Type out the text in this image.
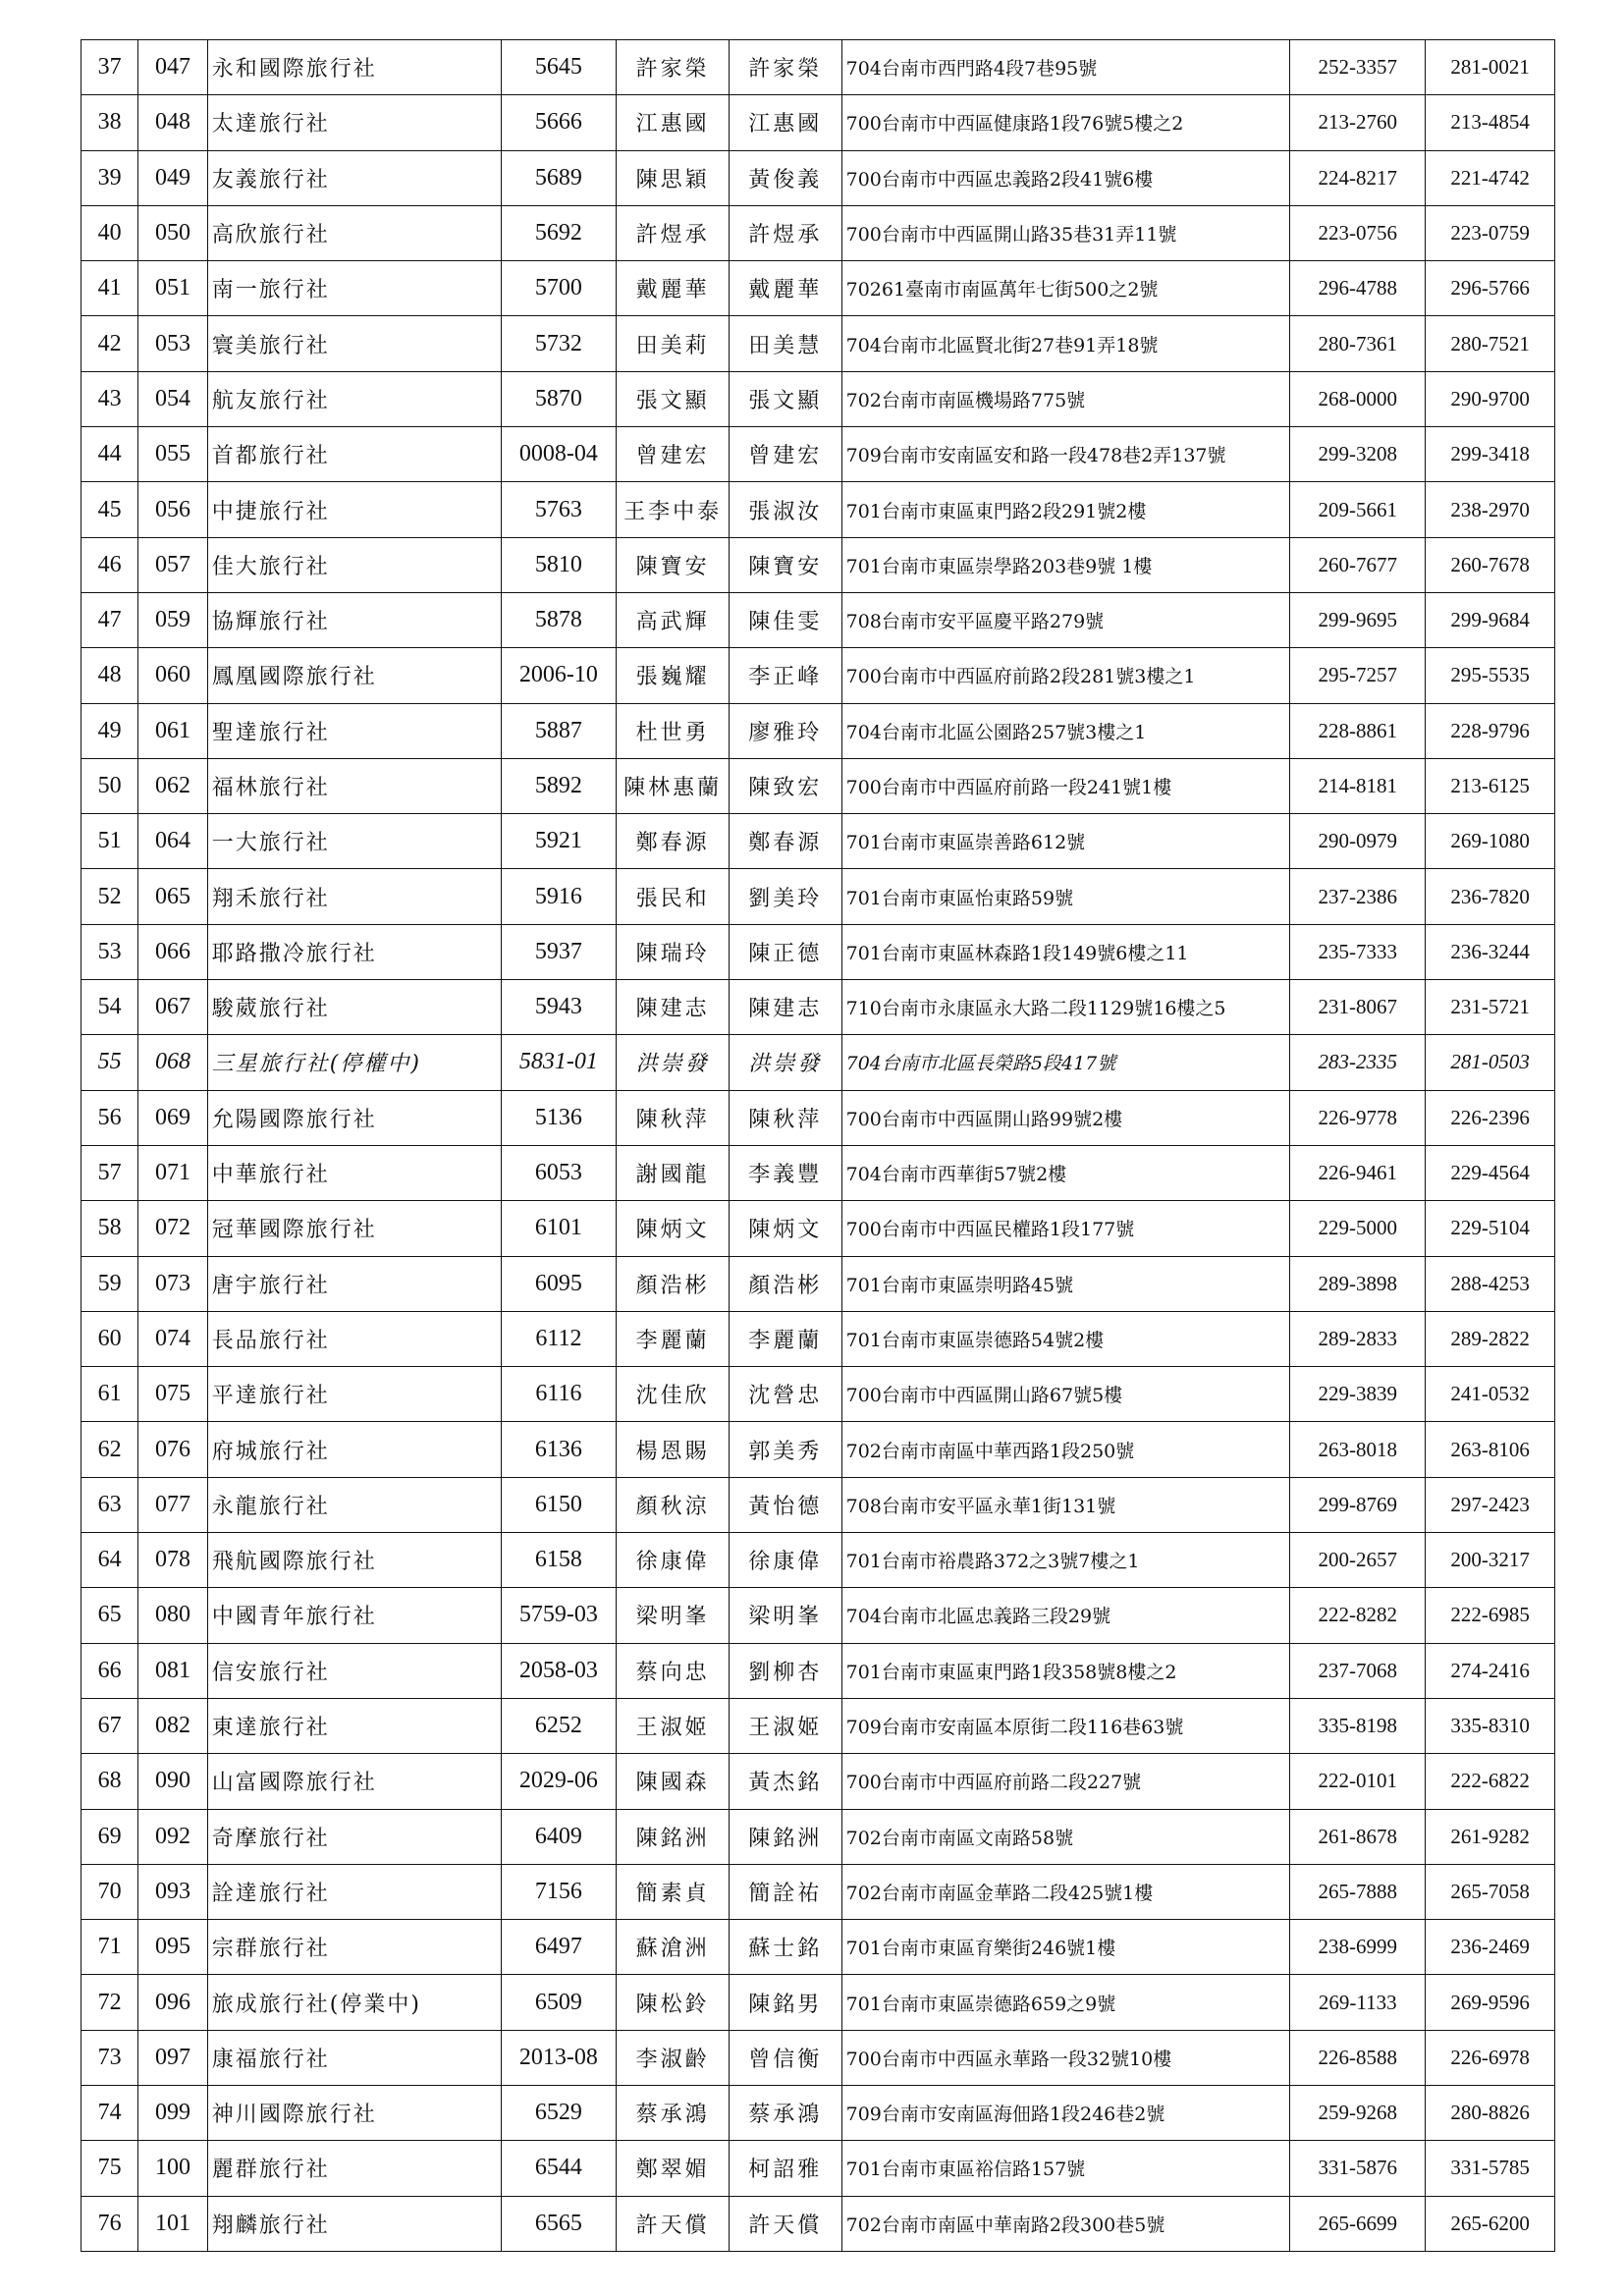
37	047	永和國際旅行社	5645	許家榮	許家榮	704台南市西門路4段7巷95號	252-3357	281-0021
38	048	太達旅行社	5666	江惠國	江惠國	700台南市中西區健康路1段76號5樓之2	213-2760	213-4854
39	049	友義旅行社	5689	陳思穎	黃俊義	700台南市中西區忠義路2段41號6樓	224-8217	221-4742
40	050	高欣旅行社	5692	許煜承	許煜承	700台南市中西區開山路35巷31弄11號	223-0756	223-0759
41	051	南一旅行社	5700	戴麗華	戴麗華	70261臺南市南區萬年七街500之2號	296-4788	296-5766
42	053	寰美旅行社	5732	田美莉	田美慧	704台南市北區賢北街27巷91弄18號	280-7361	280-7521
43	054	航友旅行社	5870	張文顯	張文顯	702台南市南區機場路775號	268-0000	290-9700
44	055	首都旅行社	0008-04	曾建宏	曾建宏	709台南市安南區安和路一段478巷2弄137號	299-3208	299-3418
45	056	中捷旅行社	5763	王李中泰	張淑汝	701台南市東區東門路2段291號2樓	209-5661	238-2970
46	057	佳大旅行社	5810	陳寶安	陳寶安	701台南市東區崇學路203巷9號 1樓	260-7677	260-7678
47	059	協輝旅行社	5878	高武輝	陳佳雯	708台南市安平區慶平路279號	299-9695	299-9684
48	060	鳳凰國際旅行社	2006-10	張巍耀	李正峰	700台南市中西區府前路2段281號3樓之1	295-7257	295-5535
49	061	聖達旅行社	5887	杜世勇	廖雅玲	704台南市北區公園路257號3樓之1	228-8861	228-9796
50	062	福林旅行社	5892	陳林惠蘭	陳致宏	700台南市中西區府前路一段241號1樓	214-8181	213-6125
51	064	一大旅行社	5921	鄭春源	鄭春源	701台南市東區崇善路612號	290-0979	269-1080
52	065	翔禾旅行社	5916	張民和	劉美玲	701台南市東區怡東路59號	237-2386	236-7820
53	066	耶路撒冷旅行社	5937	陳瑞玲	陳正德	701台南市東區林森路1段149號6樓之11	235-7333	236-3244
54	067	駿葳旅行社	5943	陳建志	陳建志	710台南市永康區永大路二段1129號16樓之5	231-8067	231-5721
55	068	三星旅行社(停權中)	5831-01	洪崇發	洪崇發	704台南市北區長榮路5段417號	283-2335	281-0503
56	069	允陽國際旅行社	5136	陳秋萍	陳秋萍	700台南市中西區開山路99號2樓	226-9778	226-2396
57	071	中華旅行社	6053	謝國龍	李義豐	704台南市西華街57號2樓	226-9461	229-4564
58	072	冠華國際旅行社	6101	陳炳文	陳炳文	700台南市中西區民權路1段177號	229-5000	229-5104
59	073	唐宇旅行社	6095	顏浩彬	顏浩彬	701台南市東區崇明路45號	289-3898	288-4253
60	074	長品旅行社	6112	李麗蘭	李麗蘭	701台南市東區崇德路54號2樓	289-2833	289-2822
61	075	平達旅行社	6116	沈佳欣	沈營忠	700台南市中西區開山路67號5樓	229-3839	241-0532
62	076	府城旅行社	6136	楊恩賜	郭美秀	702台南市南區中華西路1段250號	263-8018	263-8106
63	077	永龍旅行社	6150	顏秋涼	黃怡德	708台南市安平區永華1街131號	299-8769	297-2423
64	078	飛航國際旅行社	6158	徐康偉	徐康偉	701台南市裕農路372之3號7樓之1	200-2657	200-3217
65	080	中國青年旅行社	5759-03	梁明峯	梁明峯	704台南市北區忠義路三段29號	222-8282	222-6985
66	081	信安旅行社	2058-03	蔡向忠	劉柳杏	701台南市東區東門路1段358號8樓之2	237-7068	274-2416
67	082	東達旅行社	6252	王淑姬	王淑姬	709台南市安南區本原街二段116巷63號	335-8198	335-8310
68	090	山富國際旅行社	2029-06	陳國森	黃杰銘	700台南市中西區府前路二段227號	222-0101	222-6822
69	092	奇摩旅行社	6409	陳銘洲	陳銘洲	702台南市南區文南路58號	261-8678	261-9282
70	093	詮達旅行社	7156	簡素貞	簡詮祐	702台南市南區金華路二段425號1樓	265-7888	265-7058
71	095	宗群旅行社	6497	蘇滄洲	蘇士銘	701台南市東區育樂街246號1樓	238-6999	236-2469
72	096	旅成旅行社(停業中)	6509	陳松鈴	陳銘男	701台南市東區崇德路659之9號	269-1133	269-9596
73	097	康福旅行社	2013-08	李淑齡	曾信衡	700台南市中西區永華路一段32號10樓	226-8588	226-6978
74	099	神川國際旅行社	6529	蔡承鴻	蔡承鴻	709台南市安南區海佃路1段246巷2號	259-9268	280-8826
75	100	麗群旅行社	6544	鄭翠媚	柯詔雅	701台南市東區裕信路157號	331-5876	331-5785
76	101	翔麟旅行社	6565	許天償	許天償	702台南市南區中華南路2段300巷5號	265-6699	265-6200
